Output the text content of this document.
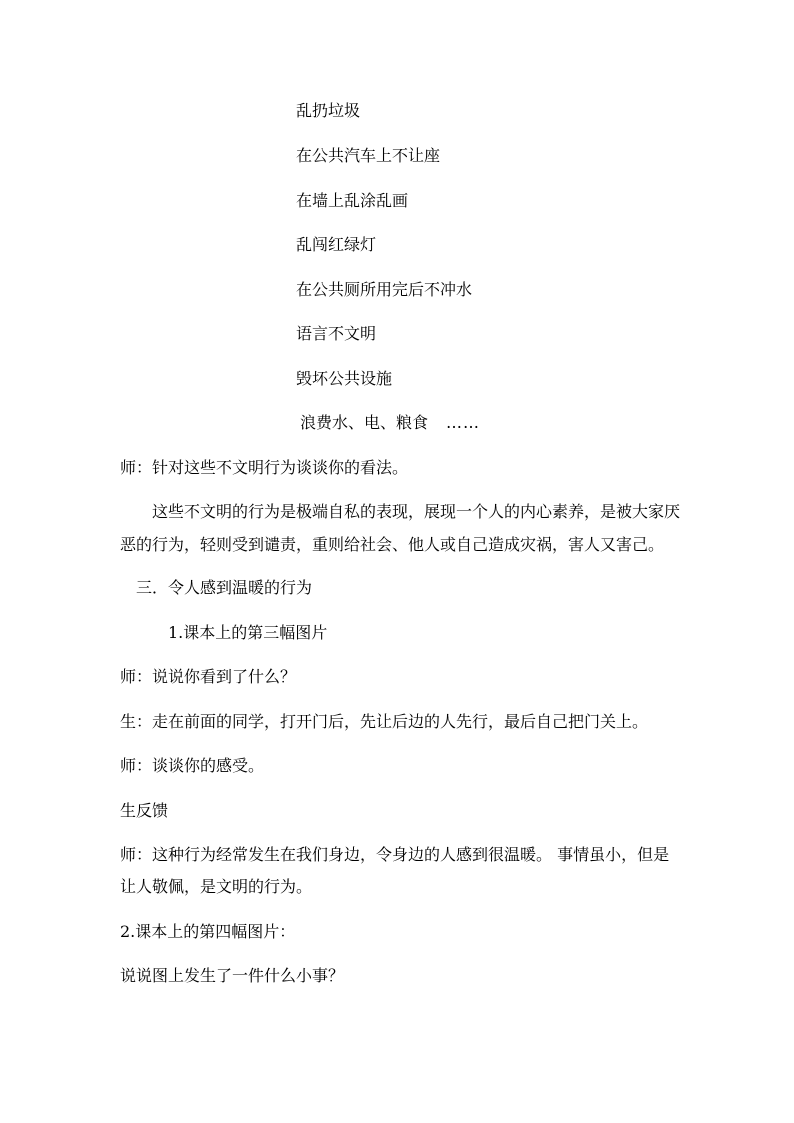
乱扔垃圾
在公共汽车上不让座
在墙上乱涂乱画
乱闯红绿灯
在公共厕所用完后不冲水
语言不文明
毁坏公共设施
浪费水、电、粮食 ……
师：针对这些不文明行为谈谈你的看法。
这些不文明的行为是极端自私的表现，展现一个人的内心素养，是被大家厌
恶的行为，轻则受到谴责，重则给社会、他人或自己造成灾祸，害人又害己。
三．令人感到温暖的行为
1.课本上的第三幅图片
师：说说你看到了什么？
生：走在前面的同学，打开门后，先让后边的人先行，最后自己把门关上。
师：谈谈你的感受。
生反馈
师：这种行为经常发生在我们身边，令身边的人感到很温暖。 事情虽小，但是
让人敬佩，是文明的行为。
2.课本上的第四幅图片：
说说图上发生了一件什么小事？
